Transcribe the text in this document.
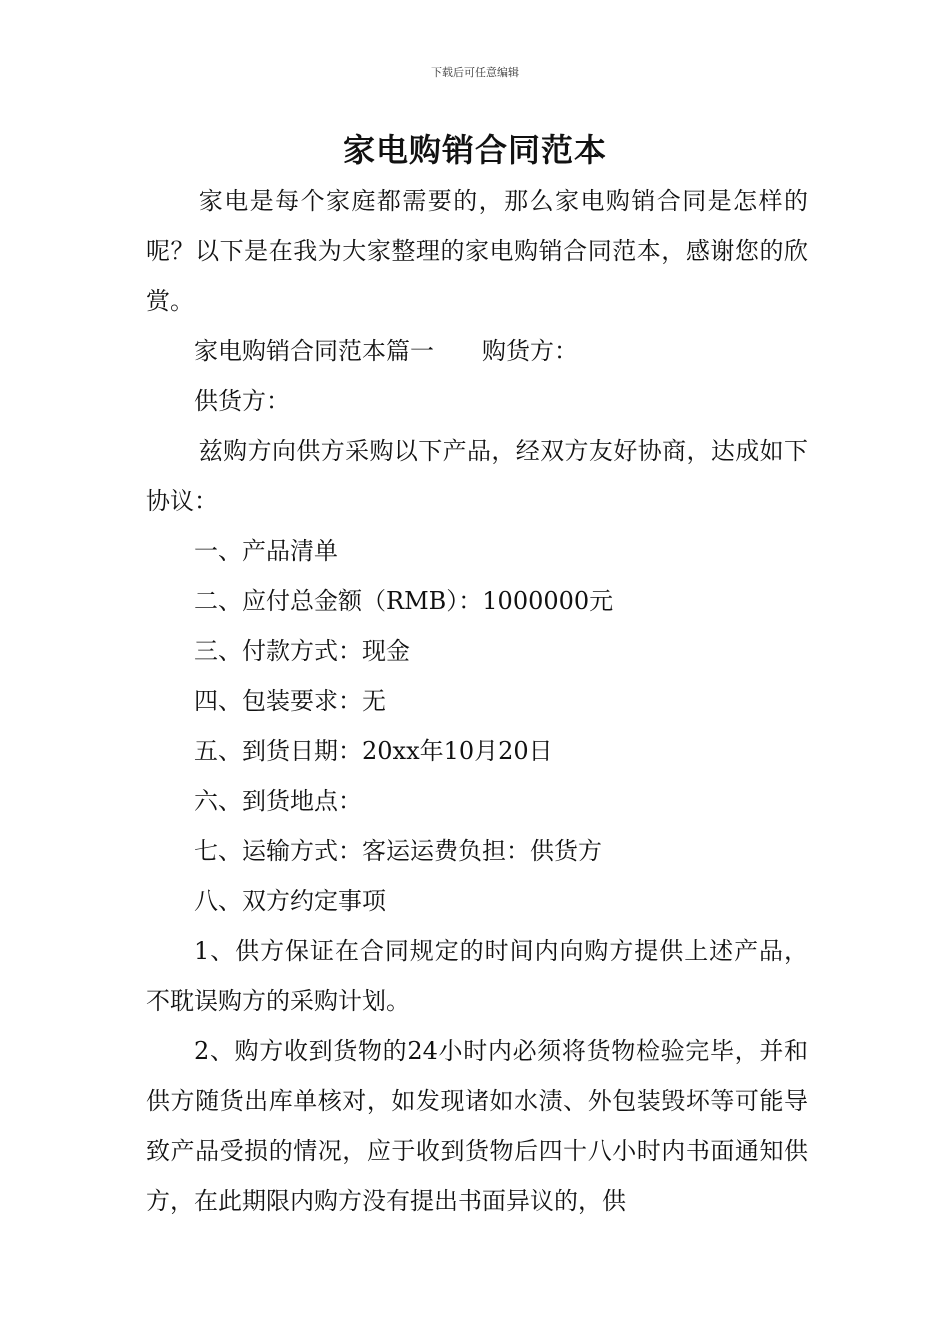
下载后可任意编辑
家电购销合同范本

家电是每个家庭都需要的，那么家电购销合同是怎样的呢？以下是在我为大家整理的家电购销合同范本，感谢您的欣赏。

家电购销合同范本篇一 购货方：

供货方：

兹购方向供方采购以下产品，经双方友好协商，达成如下协议：

一、产品清单

二、应付总金额（RMB）：1000000元

三、付款方式：现金

四、包装要求：无

五、到货日期：20xx年10月20日

六、到货地点：

七、运输方式：客运运费负担：供货方

八、双方约定事项

1、供方保证在合同规定的时间内向购方提供上述产品，不耽误购方的采购计划。

2、购方收到货物的24小时内必须将货物检验完毕，并和供方随货出库单核对，如发现诸如水渍、外包装毁坏等可能导致产品受损的情况，应于收到货物后四十八小时内书面通知供方，在此期限内购方没有提出书面异议的，供
